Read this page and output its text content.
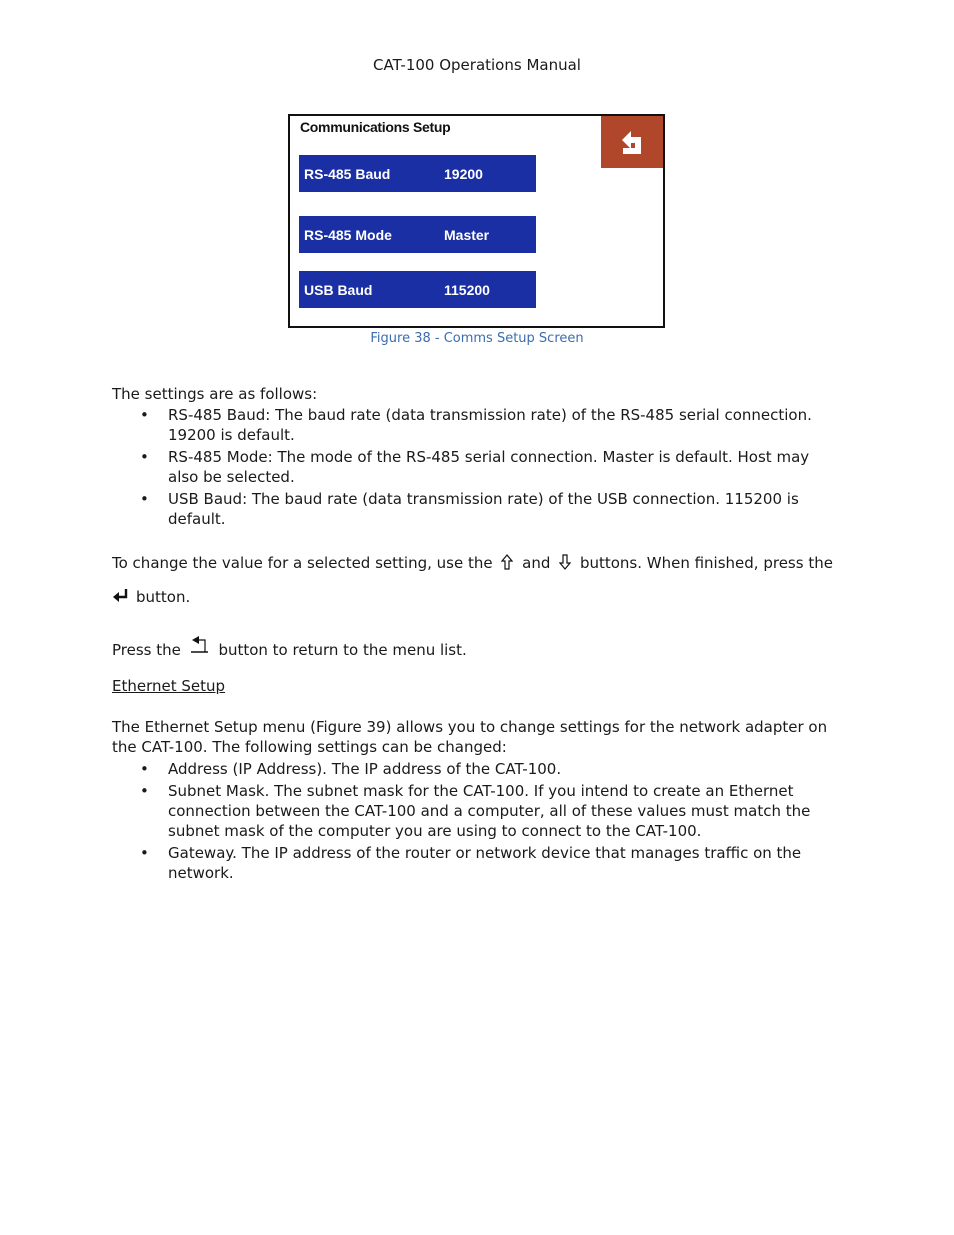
CAT-100 Operations Manual
Communications Setup
RS-485 Baud	19200
RS-485 Mode	Master
USB Baud	115200
Figure 38 - Comms Setup Screen
The settings are as follows:
• RS-485 Baud: The baud rate (data transmission rate) of the RS-485 serial connection. 19200 is default.
• RS-485 Mode: The mode of the RS-485 serial connection. Master is default. Host may also be selected.
• USB Baud: The baud rate (data transmission rate) of the USB connection. 115200 is default.
To change the value for a selected setting, use the and buttons. When finished, press the
button.
Press the	button to return to the menu list.
Ethernet Setup
The Ethernet Setup menu (Figure 39) allows you to change settings for the network adapter on the CAT-100. The following settings can be changed:
• Address (IP Address). The IP address of the CAT-100.
• Subnet Mask. The subnet mask for the CAT-100. If you intend to create an Ethernet connection between the CAT-100 and a computer, all of these values must match the subnet mask of the computer you are using to connect to the CAT-100.
• Gateway. The IP address of the router or network device that manages traffic on the network.
